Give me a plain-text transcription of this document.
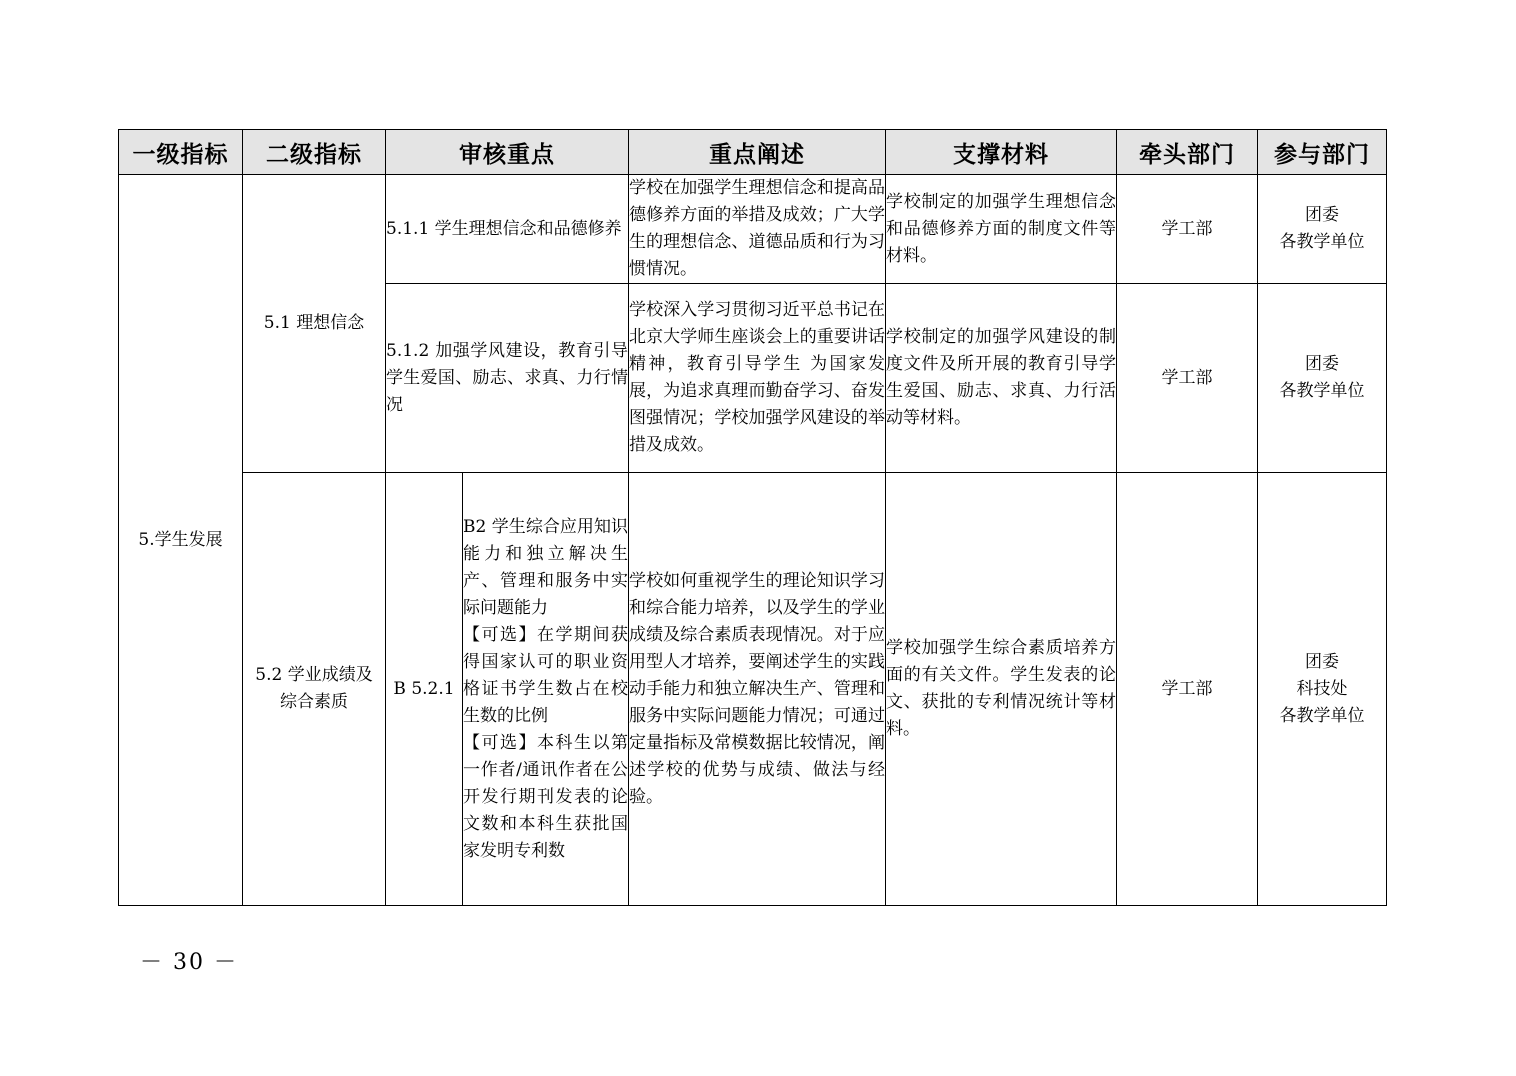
一级指标	二级指标	审核重点		重点阐述	支撑材料	牵头部门	参与部门
5.学生发展	5.1 理想信念	5.1.1 学生理想信念和品德修养		学校在加强学生理想信念和提高品德修养方面的举措及成效；广大学生的理想信念、道德品质和行为习惯情况。	学校制定的加强学生理想信念和品德修养方面的制度文件等材料。	学工部	团委
各教学单位
		5.1.2 加强学风建设，教育引导学生爱国、励志、求真、力行情况		学校深入学习贯彻习近平总书记在北京大学师生座谈会上的重要讲话精神，教育引导学生 为国家发展，为追求真理而勤奋学习、奋发图强情况；学校加强学风建设的举措及成效。	学校制定的加强学风建设的制度文件及所开展的教育引导学生爱国、励志、求真、力行活动等材料。	学工部	团委
各教学单位
	5.2 学业成绩及
综合素质	B 5.2.1	B2 学生综合应用知识能力和独立解决生产、管理和服务中实际问题能力
【可选】在学期间获得国家认可的职业资格证书学生数占在校生数的比例
【可选】本科生以第一作者/通讯作者在公开发行期刊发表的论文数和本科生获批国家发明专利数	学校如何重视学生的理论知识学习和综合能力培养，以及学生的学业成绩及综合素质表现情况。对于应用型人才培养，要阐述学生的实践动手能力和独立解决生产、管理和服务中实际问题能力情况；可通过定量指标及常模数据比较情况，阐述学校的优势与成绩、做法与经验。	学校加强学生综合素质培养方面的有关文件。学生发表的论文、获批的专利情况统计等材料。	学工部	团委
科技处
各教学单位
－ 30 －
